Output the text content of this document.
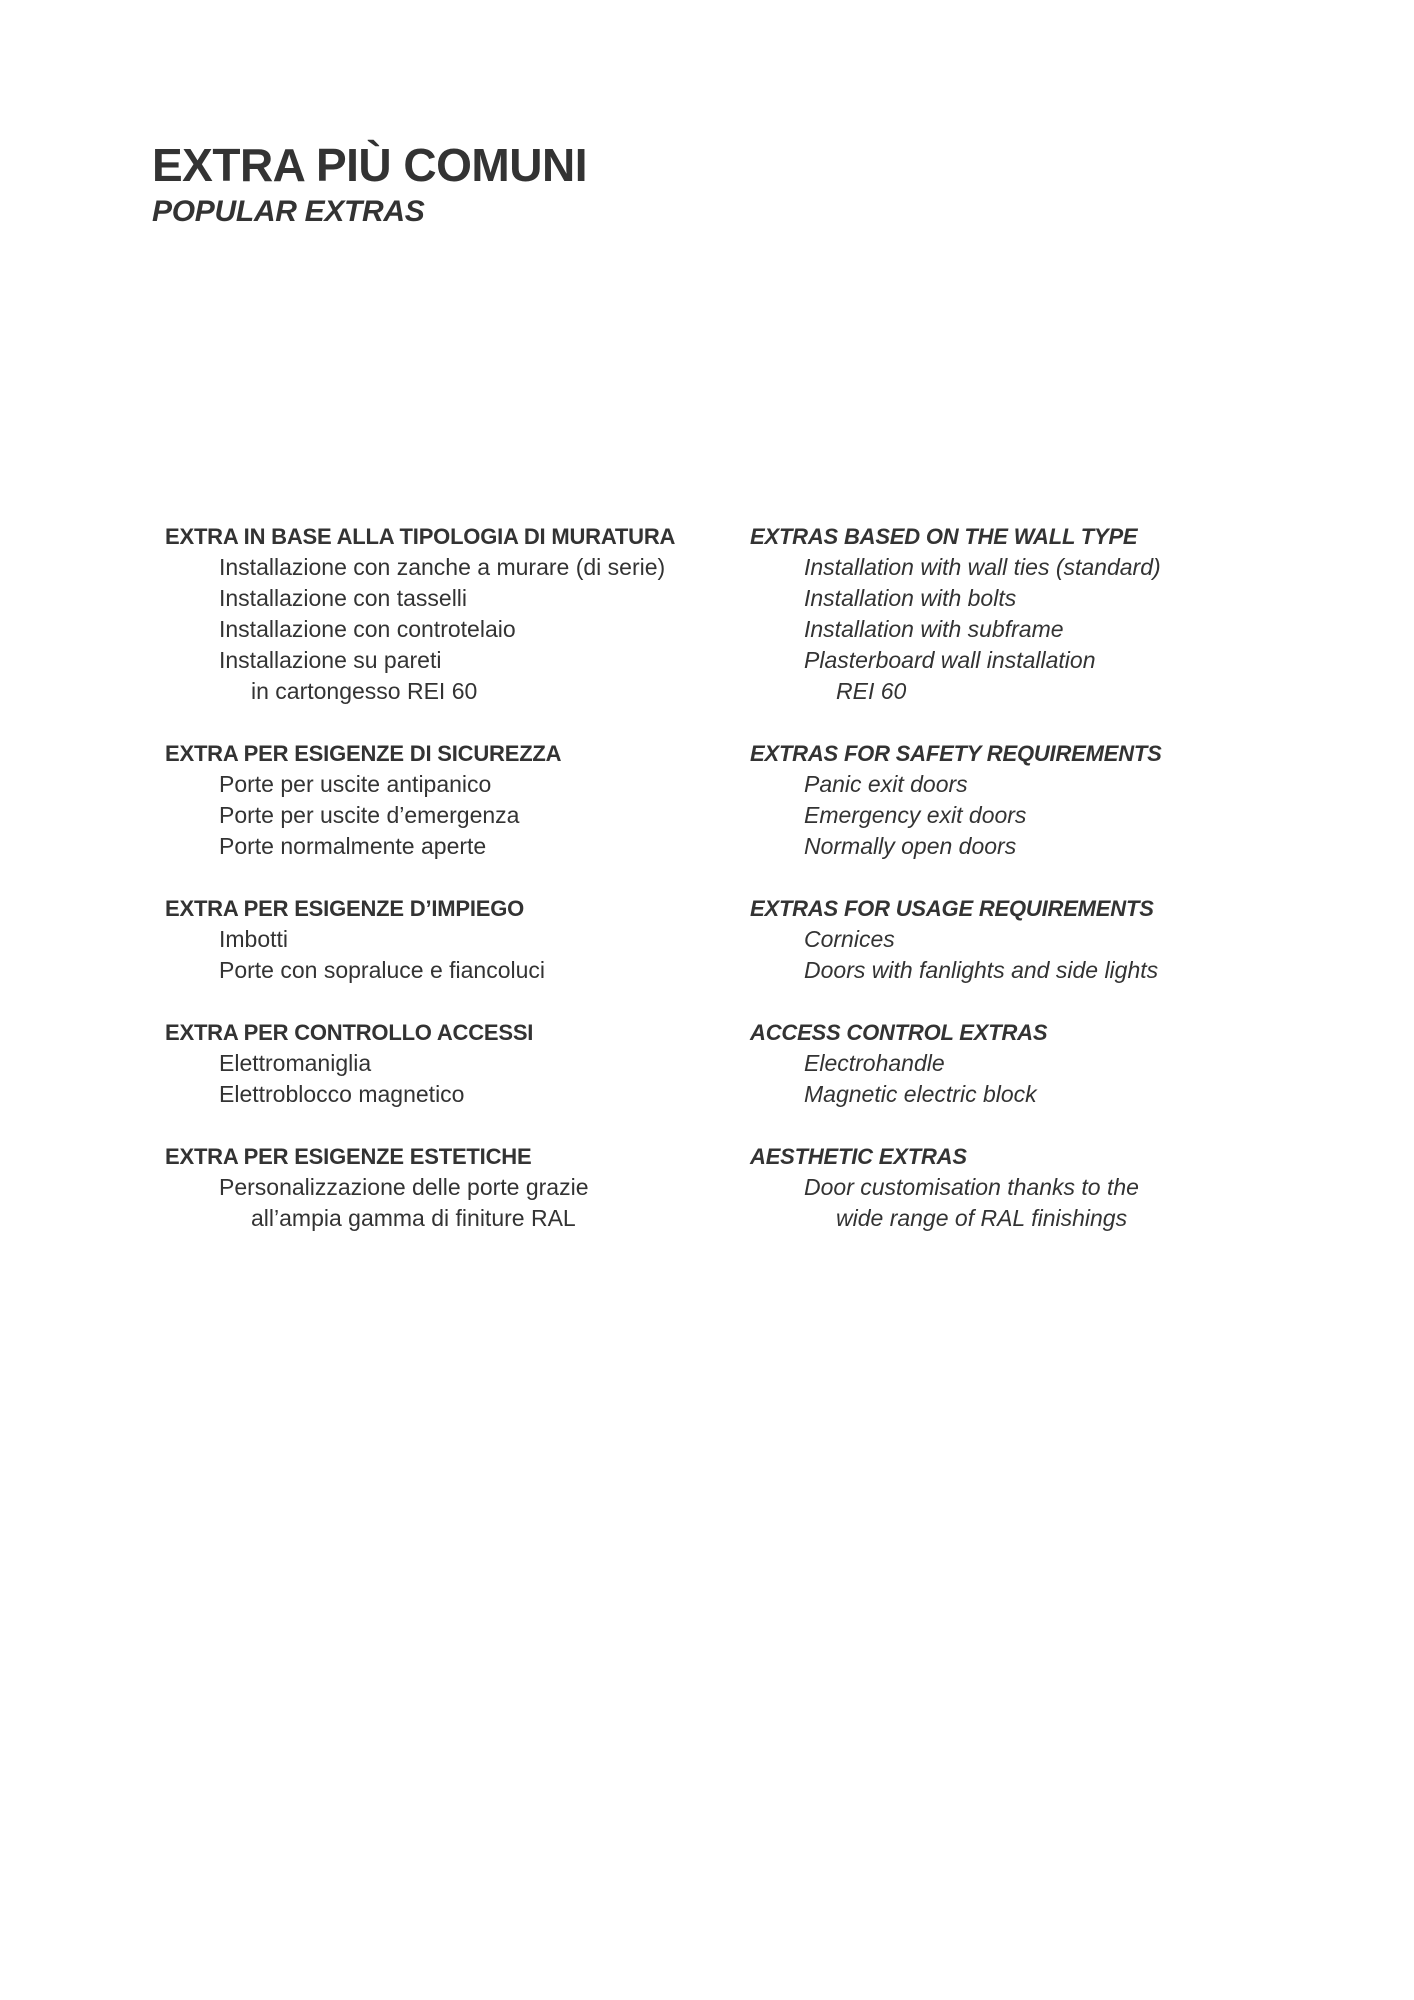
EXTRA PIÙ COMUNI
POPULAR EXTRAS
EXTRA IN BASE ALLA TIPOLOGIA DI MURATURA
Installazione con zanche a murare (di serie)
Installazione con tasselli
Installazione con controtelaio
Installazione su pareti
in cartongesso REI 60
EXTRA PER ESIGENZE DI SICUREZZA
Porte per uscite antipanico
Porte per uscite d’emergenza
Porte normalmente aperte
EXTRA PER ESIGENZE D’IMPIEGO
Imbotti
Porte con sopraluce e fiancoluci
EXTRA PER CONTROLLO ACCESSI
Elettromaniglia
Elettroblocco magnetico
EXTRA PER ESIGENZE ESTETICHE
Personalizzazione delle porte grazie
all’ampia gamma di finiture RAL
EXTRAS BASED ON THE WALL TYPE
Installation with wall ties (standard)
Installation with bolts
Installation with subframe
Plasterboard wall installation
REI 60
EXTRAS FOR SAFETY REQUIREMENTS
Panic exit doors
Emergency exit doors
Normally open doors
EXTRAS FOR USAGE REQUIREMENTS
Cornices
Doors with fanlights and side lights
ACCESS CONTROL EXTRAS
Electrohandle
Magnetic electric block
AESTHETIC EXTRAS
Door customisation thanks to the
wide range of RAL finishings
